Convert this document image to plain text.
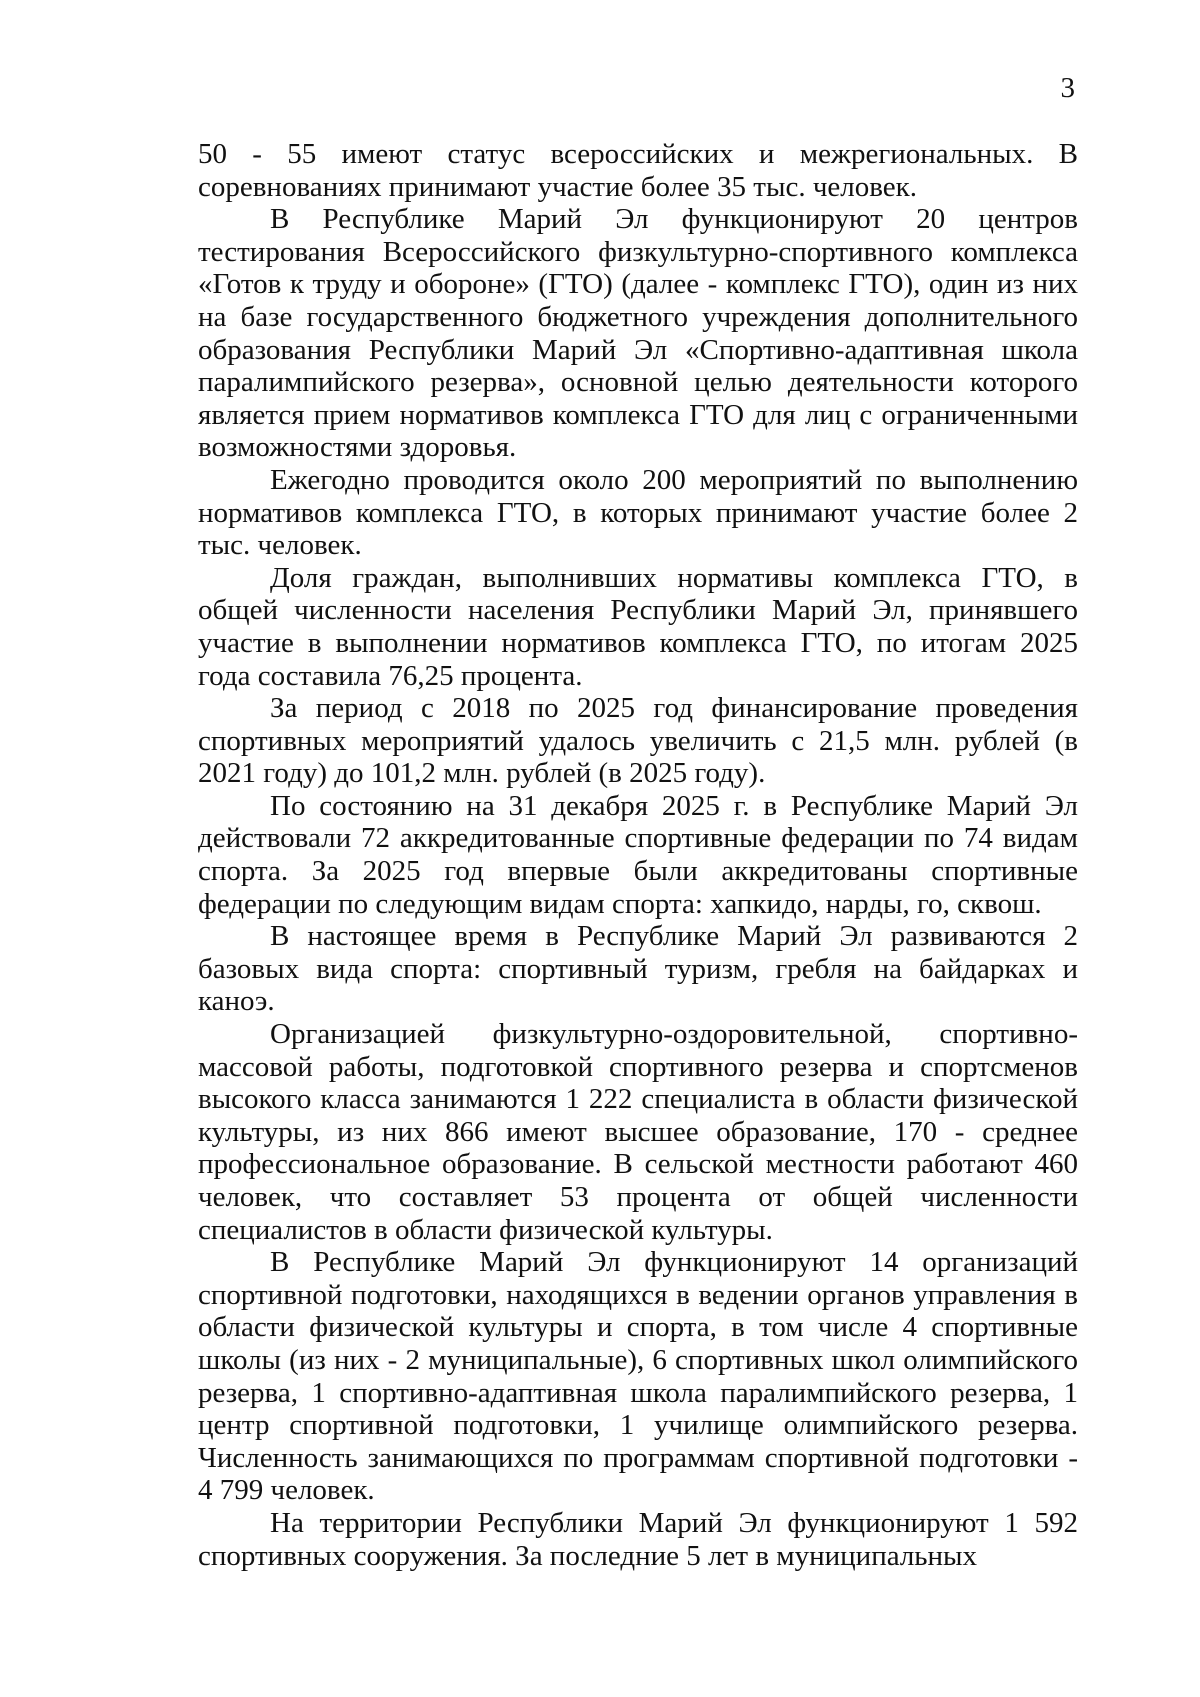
3

50 - 55 имеют статус всероссийских и межрегиональных. В соревнованиях принимают участие более 35 тыс. человек.

В Республике Марий Эл функционируют 20 центров тестирования Всероссийского физкультурно-спортивного комплекса «Готов к труду и обороне» (ГТО) (далее - комплекс ГТО), один из них на базе государственного бюджетного учреждения дополнительного образования Республики Марий Эл «Спортивно-адаптивная школа паралимпийского резерва», основной целью деятельности которого является прием нормативов комплекса ГТО для лиц с ограниченными возможностями здоровья.

Ежегодно проводится около 200 мероприятий по выполнению нормативов комплекса ГТО, в которых принимают участие более 2 тыс. человек.

Доля граждан, выполнивших нормативы комплекса ГТО, в общей численности населения Республики Марий Эл, принявшего участие в выполнении нормативов комплекса ГТО, по итогам 2025 года составила 76,25 процента.

За период с 2018 по 2025 год финансирование проведения спортивных мероприятий удалось увеличить с 21,5 млн. рублей (в 2021 году) до 101,2 млн. рублей (в 2025 году).

По состоянию на 31 декабря 2025 г. в Республике Марий Эл действовали 72 аккредитованные спортивные федерации по 74 видам спорта. За 2025 год впервые были аккредитованы спортивные федерации по следующим видам спорта: хапкидо, нарды, го, сквош.

В настоящее время в Республике Марий Эл развиваются 2 базовых вида спорта: спортивный туризм, гребля на байдарках и каноэ.

Организацией физкультурно-оздоровительной, спортивно-массовой работы, подготовкой спортивного резерва и спортсменов высокого класса занимаются 1 222 специалиста в области физической культуры, из них 866 имеют высшее образование, 170 - среднее профессиональное образование. В сельской местности работают 460 человек, что составляет 53 процента от общей численности специалистов в области физической культуры.

В Республике Марий Эл функционируют 14 организаций спортивной подготовки, находящихся в ведении органов управления в области физической культуры и спорта, в том числе 4 спортивные школы (из них - 2 муниципальные), 6 спортивных школ олимпийского резерва, 1 спортивно-адаптивная школа паралимпийского резерва, 1 центр спортивной подготовки, 1 училище олимпийского резерва. Численность занимающихся по программам спортивной подготовки - 4 799 человек.

На территории Республики Марий Эл функционируют 1 592 спортивных сооружения. За последние 5 лет в муниципальных
